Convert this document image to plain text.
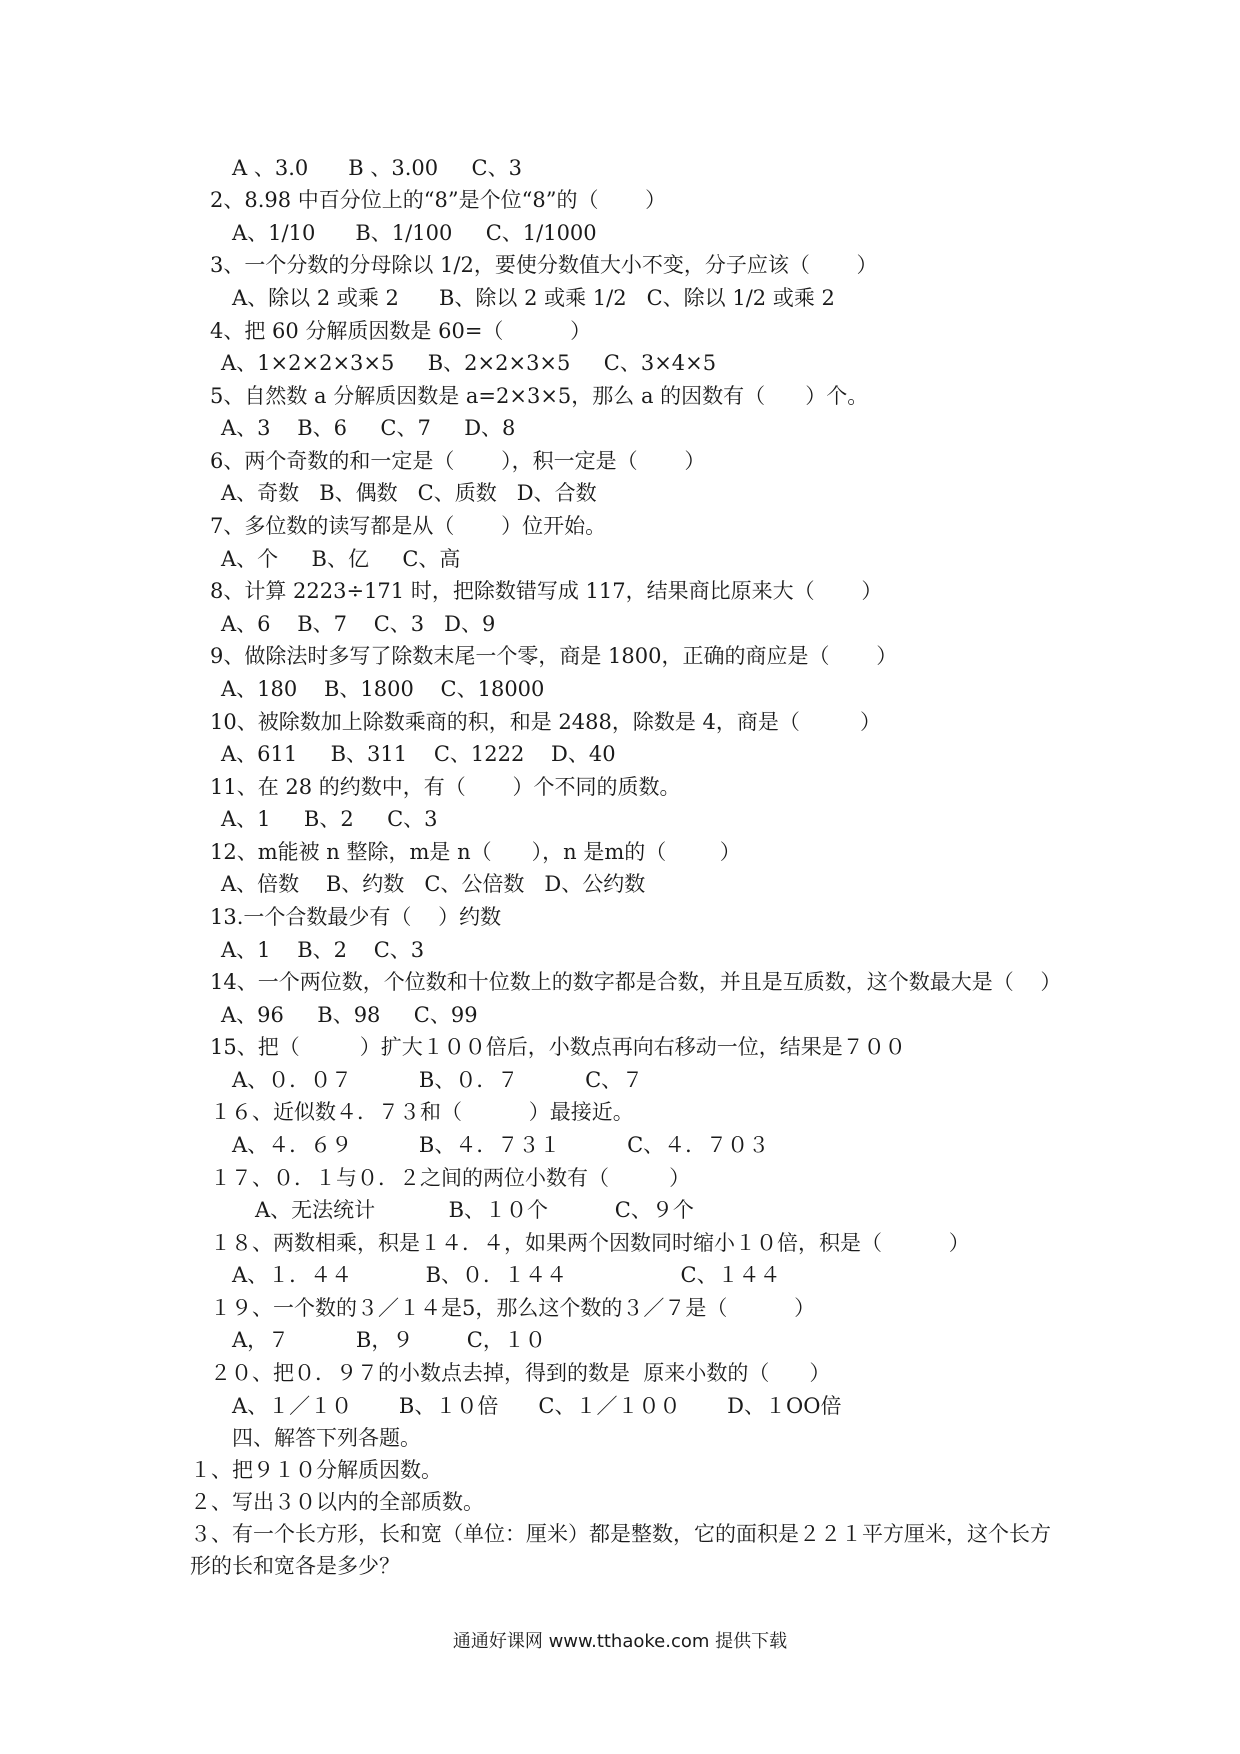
A 、3.0      B 、3.00     C、3
2、8.98 中百分位上的“8”是个位“8”的（       ）
A、1/10      B、1/100     C、1/1000
3、一个分数的分母除以 1/2，要使分数值大小不变，分子应该（       ）
A、除以 2 或乘 2      B、除以 2 或乘 1/2   C、除以 1/2 或乘 2
4、把 60 分解质因数是 60=（          ）
A、1×2×2×3×5     B、2×2×3×5     C、3×4×5
5、自然数 a 分解质因数是 a=2×3×5，那么 a 的因数有（      ）个。
A、3    B、6     C、7     D、8
6、两个奇数的和一定是（       ），积一定是（       ）
A、奇数   B、偶数   C、质数   D、合数
7、多位数的读写都是从（       ）位开始。
A、个     B、亿     C、高
8、计算 2223÷171 时，把除数错写成 117，结果商比原来大（       ）
A、6    B、7    C、3   D、9
9、做除法时多写了除数末尾一个零，商是 1800，正确的商应是（       ）
A、180    B、1800    C、18000
10、被除数加上除数乘商的积，和是 2488，除数是 4，商是（         ）
A、611     B、311    C、1222    D、40
11、在 28 的约数中，有（       ）个不同的质数。
A、1     B、2     C、3
12、m能被 n 整除，m是 n（      ），n 是m的（        ）
A、倍数    B、约数   C、公倍数   D、公约数
13.一个合数最少有（    ）约数
A、1    B、2    C、3
14、一个两位数，个位数和十位数上的数字都是合数，并且是互质数，这个数最大是（    ）
A、96     B、98     C、99
15、把（         ）扩大１００倍后，小数点再向右移动一位，结果是７００
A、０．０７          B、０．７          C、７
１６、近似数４．７３和（          ）最接近。
A、４．６９          B、４．７３１          C、４．７０３
１７、０．１与０．２之间的两位小数有（         ）
A、无法统计           B、１０个          C、９个
１８、两数相乘，积是１４．４，如果两个因数同时缩小１０倍，积是（          ）
A、１．４４           B、０．１４４                 C、１４４
１９、一个数的３／１４是5，那么这个数的３／７是（          ）
A，７          B，９        C，１０
２０、把０．９７的小数点去掉，得到的数是  原来小数的（      ）
A、１／１０       B、１０倍      C、１／１００       D、１OO倍
四、解答下列各题。
１、把９１０分解质因数。
２、写出３０以内的全部质数。
３、有一个长方形，长和宽（单位：厘米）都是整数，它的面积是２２１平方厘米，这个长方形的长和宽各是多少？
通通好课网 www.tthaoke.com 提供下载
